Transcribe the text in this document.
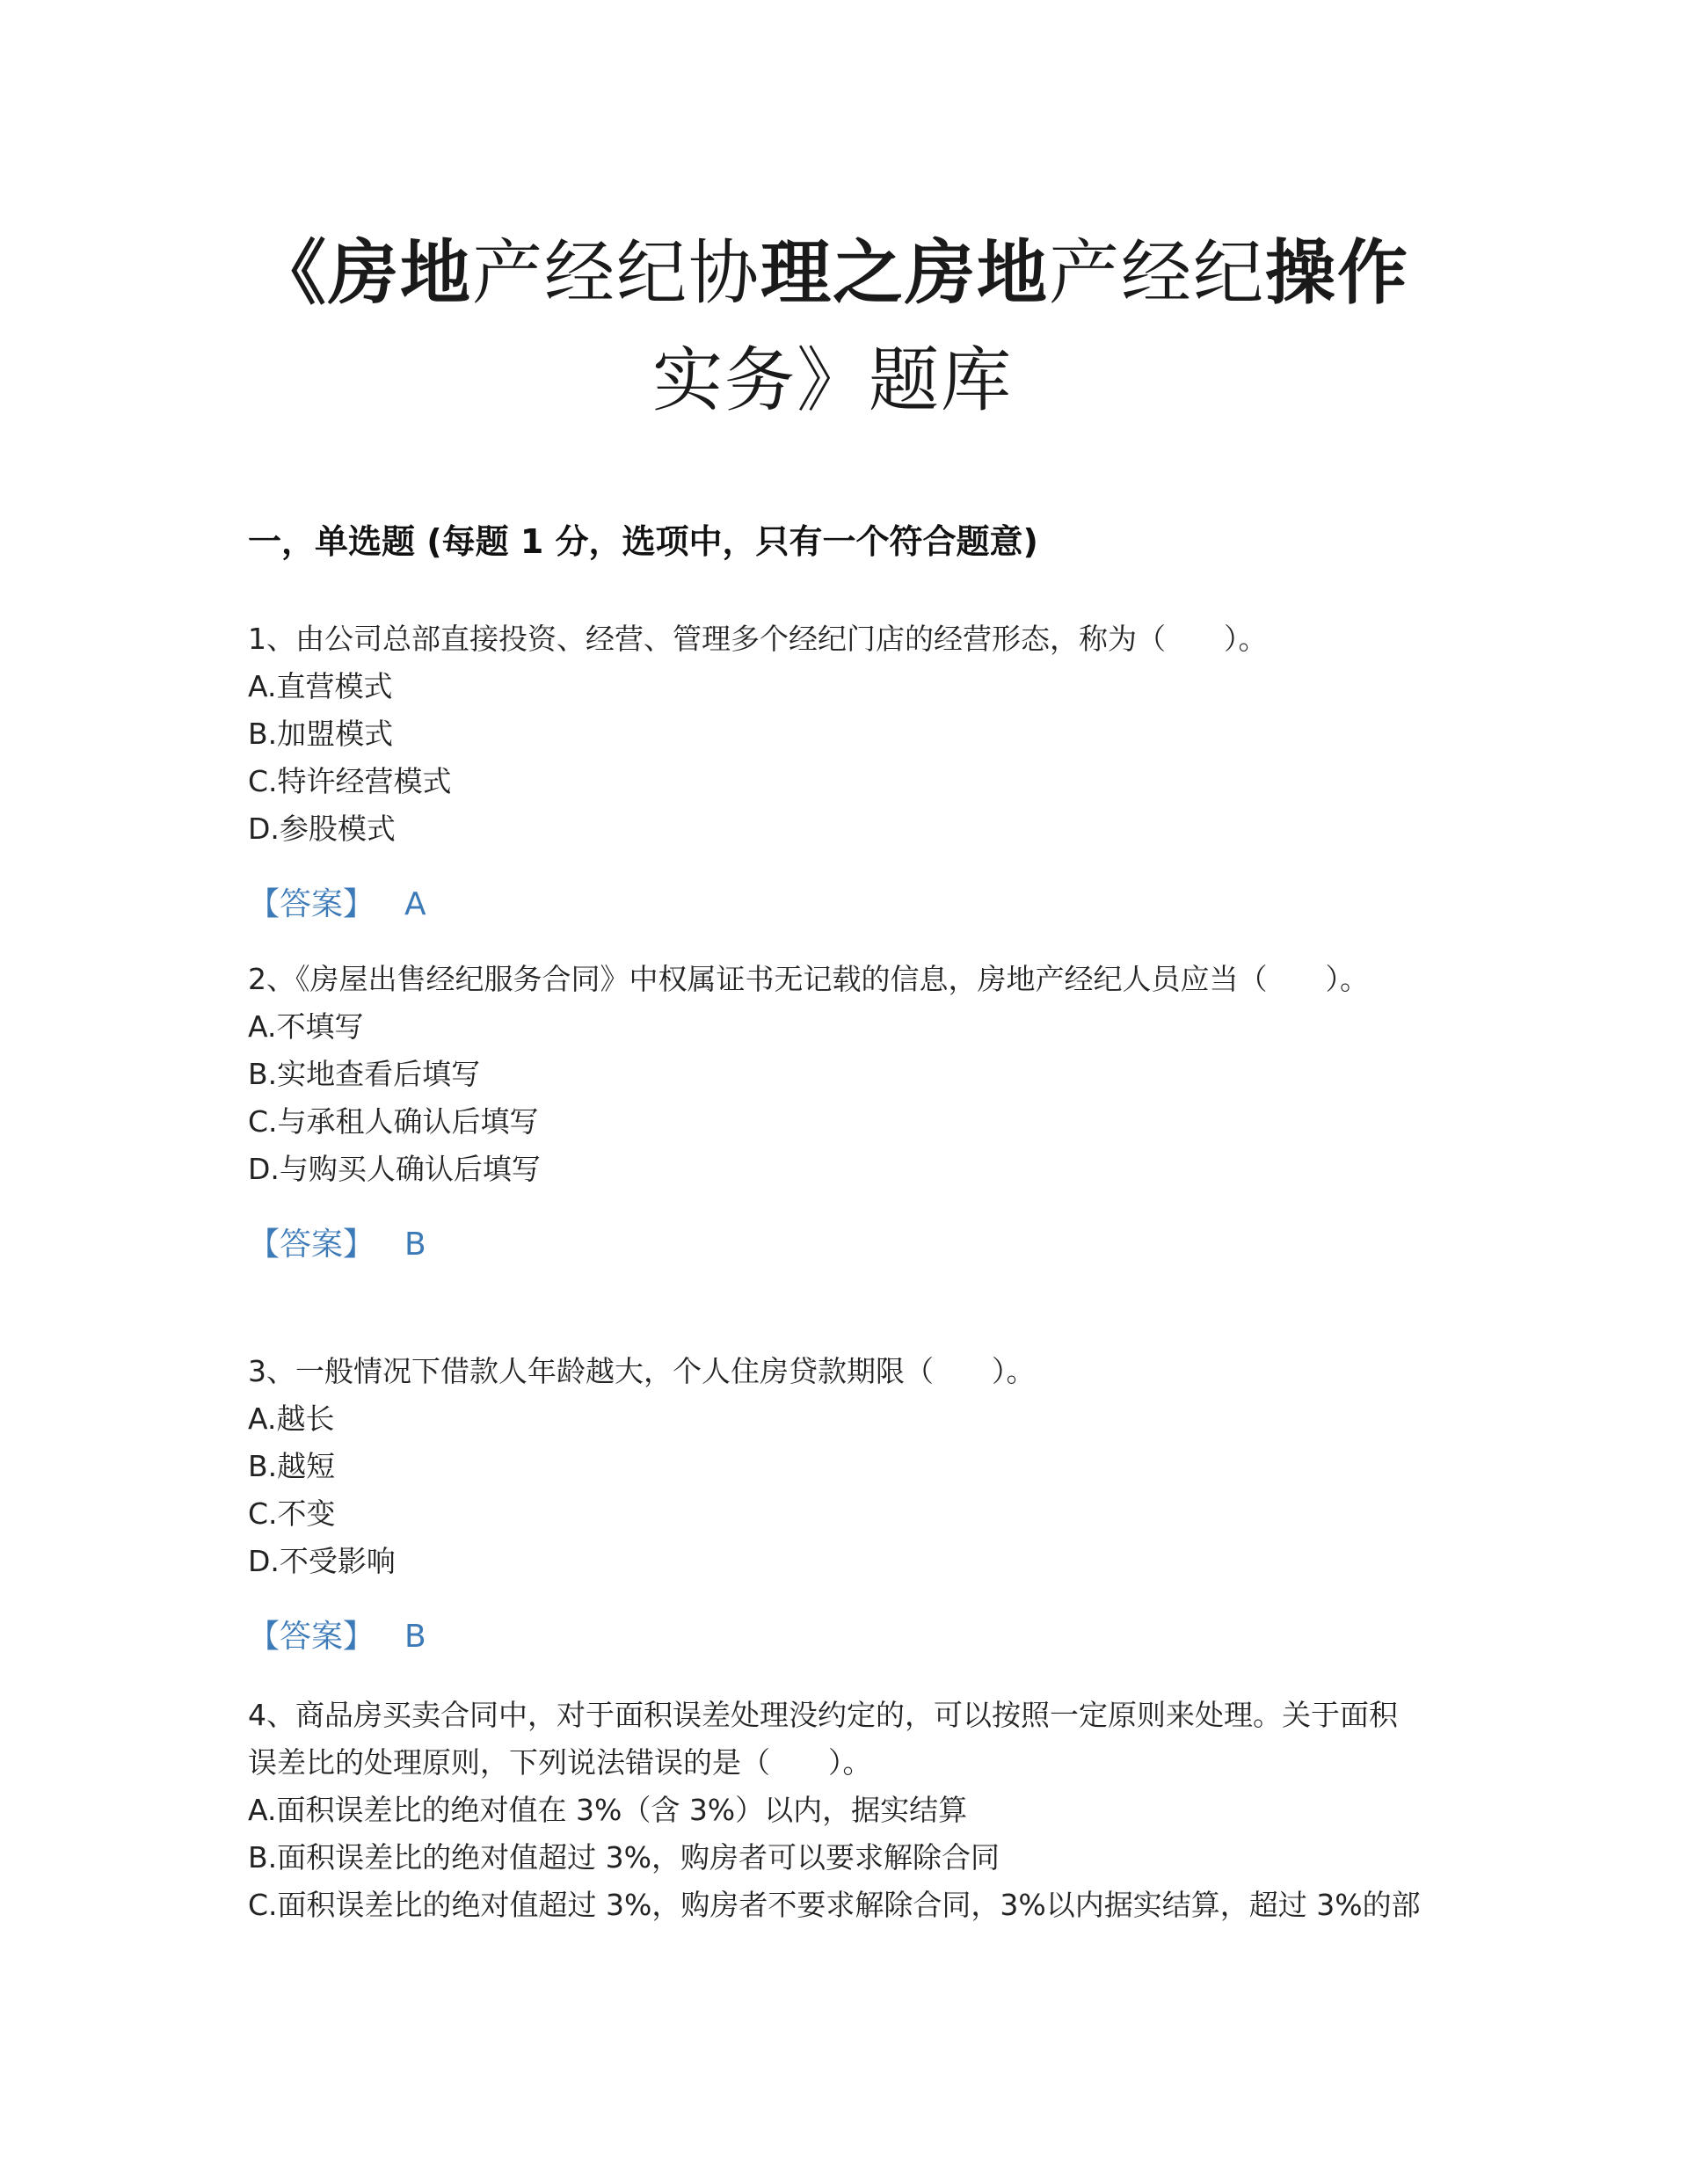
《房地产经纪协理之房地产经纪操作
实务》题库
一，单选题 (每题 1 分，选项中，只有一个符合题意)

1、由公司总部直接投资、经营、管理多个经纪门店的经营形态，称为（　　）。

A.直营模式

B.加盟模式

C.特许经营模式

D.参股模式

【答案】 A

2、《房屋出售经纪服务合同》中权属证书无记载的信息，房地产经纪人员应当（　　）。

A.不填写

B.实地查看后填写

C.与承租人确认后填写

D.与购买人确认后填写

【答案】 B

3、一般情况下借款人年龄越大，个人住房贷款期限（　　）。

A.越长

B.越短

C.不变

D.不受影响

【答案】 B

4、商品房买卖合同中，对于面积误差处理没约定的，可以按照一定原则来处理。关于面积误差比的处理原则，下列说法错误的是（　　）。

A.面积误差比的绝对值在 3%（含 3%）以内，据实结算

B.面积误差比的绝对值超过 3%，购房者可以要求解除合同

C.面积误差比的绝对值超过 3%，购房者不要求解除合同，3%以内据实结算，超过 3%的部
